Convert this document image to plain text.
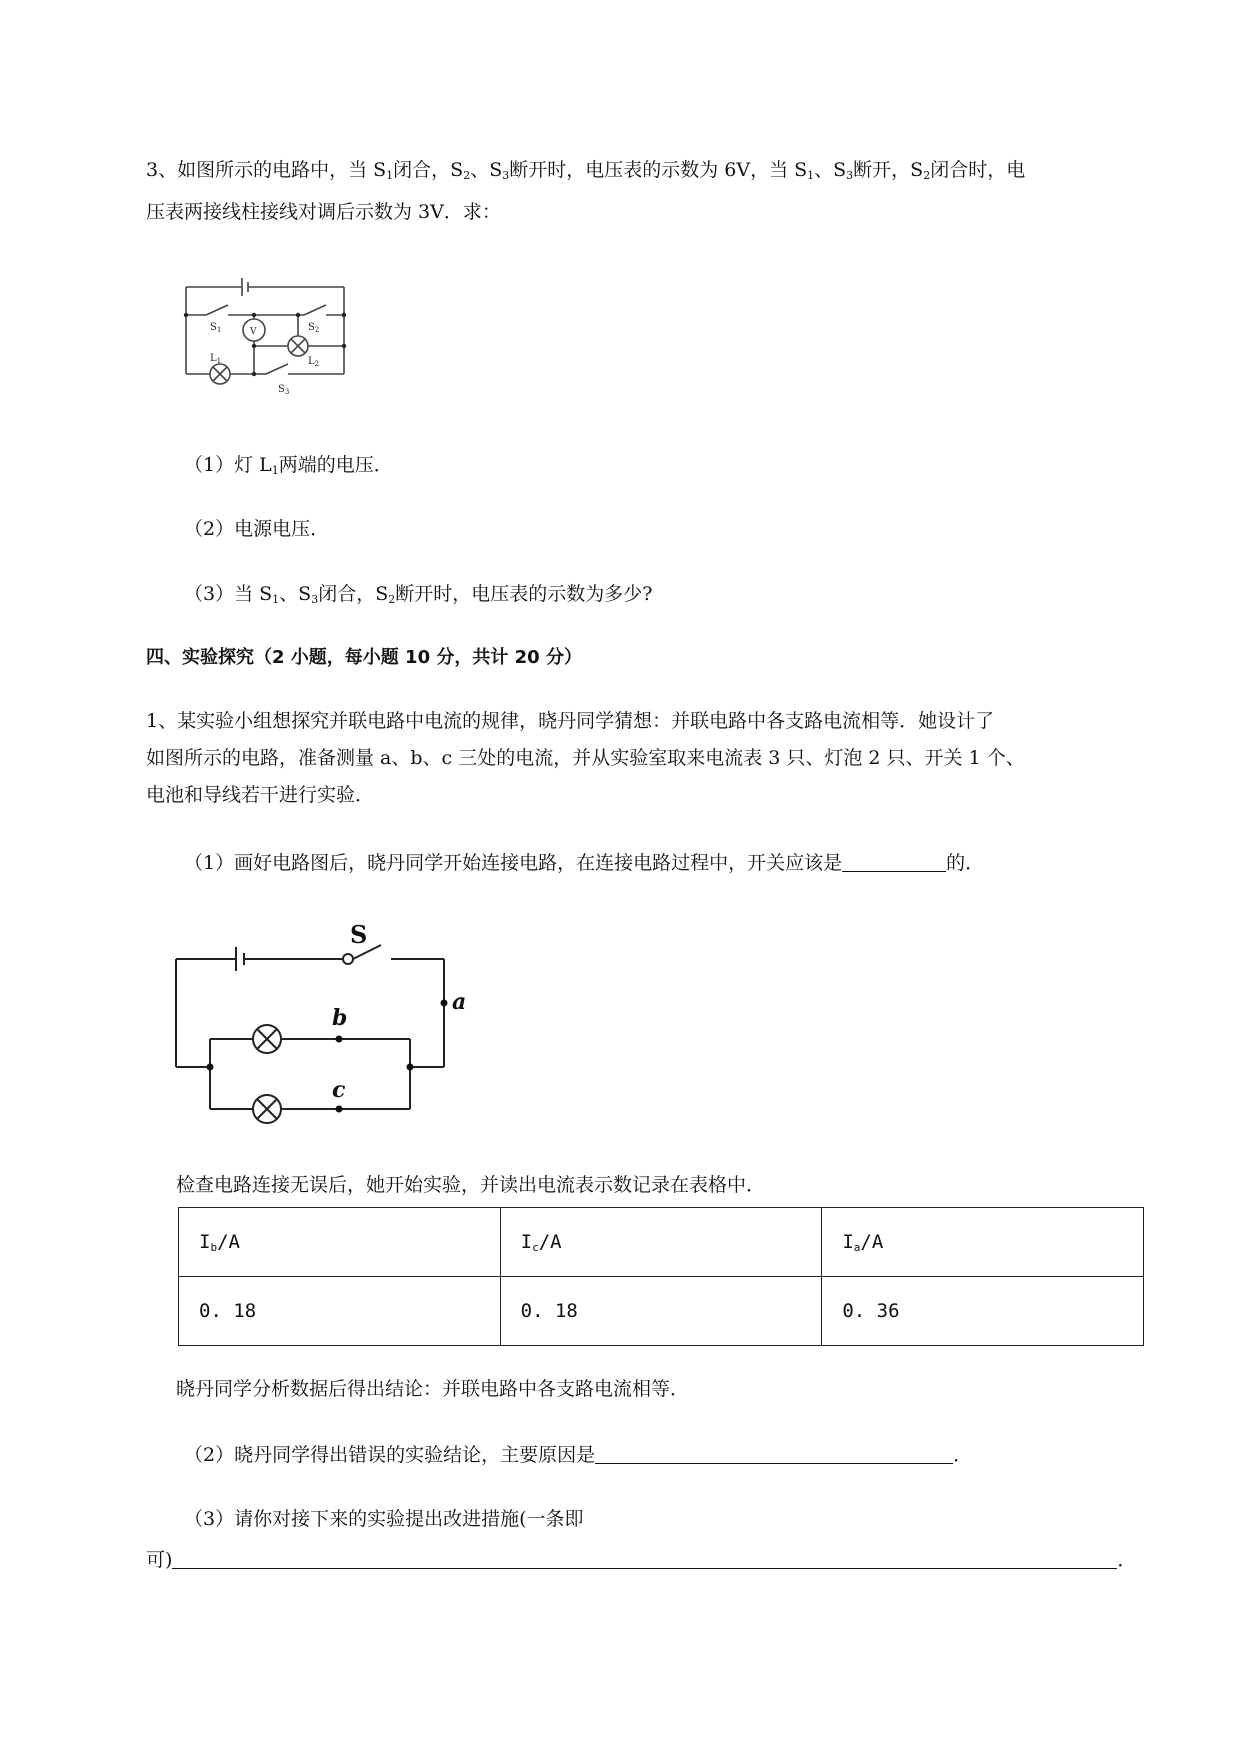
3、如图所示的电路中，当 $S_1$闭合，$S_2$、$S_3$断开时，电压表的示数为 6V，当 $S_1$、$S_3$断开，$S_2$闭合时，电
压表两接线柱接线对调后示数为 3V．求：
$S_1$	V	$S_2$
$L_1$	$L_2$
$S_3$
（1）灯 $L_1$两端的电压．
（2）电源电压．
（3）当 $S_1$、$S_3$闭合，$S_2$断开时，电压表的示数为多少?
四、实验探究（2 小题，每小题 10 分，共计 20 分）
1、某实验小组想探究并联电路中电流的规律，晓丹同学猜想：并联电路中各支路电流相等．她设计了
如图所示的电路，准备测量 a、b、c 三处的电流，并从实验室取来电流表 3 只、灯泡 2 只、开关 1 个、
电池和导线若干进行实验．
（1）画好电路图后，晓丹同学开始连接电路，在连接电路过程中，开关应该是	的．
S
a
b
c
检查电路连接无误后，她开始实验，并读出电流表示数记录在表格中．
$I_b/A$	$I_c/A$	$I_a/A$
0. 18	0. 18	0. 36
晓丹同学分析数据后得出结论：并联电路中各支路电流相等．
（2）晓丹同学得出错误的实验结论，主要原因是	．
（3）请你对接下来的实验提出改进措施(一条即
可)	．
